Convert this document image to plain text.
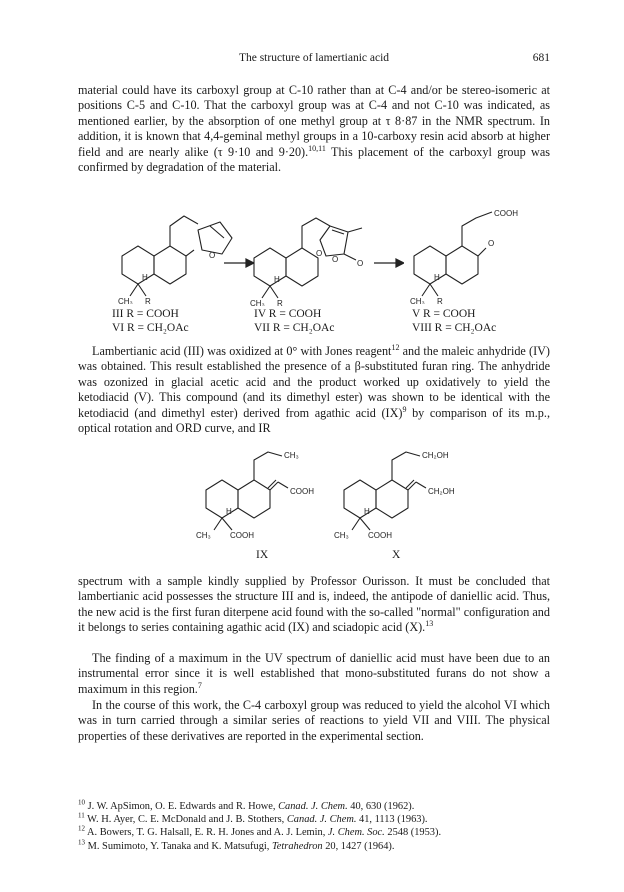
The structure of lamertianic acid	681

material could have its carboxyl group at C-10 rather than at C-4 and/or be stereo-isomeric at positions C-5 and C-10. That the carboxyl group was at C-4 and not C-10 was indicated, as mentioned earlier, by the absorption of one methyl group at τ 8·87 in the NMR spectrum. In addition, it is known that 4,4-geminal methyl groups in a 10-carboxy resin acid absorb at higher field and are nearly alike (τ 9·10 and 9·20).$^{10,11}$ This placement of the carboxyl group was confirmed by degradation of the material.

O
H
CH₃ R
O
O O
H
CH₃ R
COOH
O
H
CH₃ R
III R = COOH
VI R = CH₂OAc
IV R = COOH
VII R = CH₂OAc
V R = COOH
VIII R = CH₂OAc

Lambertianic acid (III) was oxidized at 0° with Jones reagent$^{12}$ and the maleic anhydride (IV) was obtained. This result established the presence of a β-substituted furan ring. The anhydride was ozonized in glacial acetic acid and the product worked up oxidatively to yield the ketodiacid (V). This compound (and its dimethyl ester) was shown to be identical with the ketodiacid (and dimethyl ester) derived from agathic acid (IX)$^9$ by comparison of its m.p., optical rotation and ORD curve, and IR

CH₃
COOH
H
CH₃ COOH
CH₂OH
CH₂OH
H
CH₃ COOH
IX	X

spectrum with a sample kindly supplied by Professor Ourisson. It must be concluded that lambertianic acid possesses the structure III and is, indeed, the antipode of daniellic acid. Thus, the new acid is the first furan diterpene acid found with the so-called "normal" configuration and it belongs to series containing agathic acid (IX) and sciadopic acid (X).$^{13}$

The finding of a maximum in the UV spectrum of daniellic acid must have been due to an instrumental error since it is well established that mono-substituted furans do not show a maximum in this region.$^7$

In the course of this work, the C-4 carboxyl group was reduced to yield the alcohol VI which was in turn carried through a similar series of reactions to yield VII and VIII. The physical properties of these derivatives are reported in the experimental section.

$^{10}$ J. W. ApSimon, O. E. Edwards and R. Howe, Canad. J. Chem. 40, 630 (1962).

$^{11}$ W. H. Ayer, C. E. McDonald and J. B. Stothers, Canad. J. Chem. 41, 1113 (1963).

$^{12}$ A. Bowers, T. G. Halsall, E. R. H. Jones and A. J. Lemin, J. Chem. Soc. 2548 (1953).

$^{13}$ M. Sumimoto, Y. Tanaka and K. Matsufugi, Tetrahedron 20, 1427 (1964).
